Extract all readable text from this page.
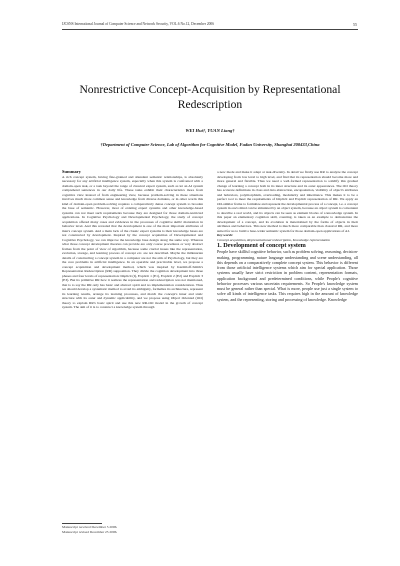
IJCSNS International Journal of Computer Science and Network Security, VOL.6 No.12, December 2006	55
Nonrestrictive Concept-Acquisition by Representational Redescription
WEI Hui†, YUAN Liang†
†Department of Computer Science, Lab of Algorithm for Cognitive Model, Fudan University, Shanghai 200433,China

Summary

A rich concept system, having fine-grained and abundant semantic relationships, is absolutely necessary for any artificial intelligence system, especially when this system is confronted with a domain-open task, or a task beyond the range of classical expert system, such as let an AI system comprehend sentences in our daily life. These tasks exhibit their characteristics more from cognitive view instead of from engineering view, because problem-solving in these situations involves much more common sense and knowledge from diverse domains, or in other words this kind of domain-open problem-solving requires a comparatively dense concept system to broaden the base of semantic. However, most of existing expert systems and other knowledge-based systems can not meet such requirements because they are designed for those domain-restricted applications. In Cognitive Psychology and Developmental Psychology, the study of concept acquisition offered many cases and evidences in the processes of cognitive skills' maturation in behavior level. And this revealed that the development is one of the most important attributes of man's concept system. And a main lack of the classic expert systems is their knowledge bases are not constructed by development. Inspired by the concept acquisition of Developmental and Cognitive Psychology, we can improve the knowledge base design along the same way. Whereas what those concept development theories can provide are only coarse procedures or very abstract frames from the point of view of algorithm, because some crucial issues like the representation, evolution, storage, and learning process of concept etc. are not described. Maybe the millenarian details of constructing a concept system in a computer are not the aim of Psychology, but they are the core problems in artificial intelligence. In an operable and practicable level, we propose a concept acquisition and development method, which was inspired by Karmiloff-Smith's Representation Redescription (RR) supposition. They divide the cognition development into three phases and four levels of representation: Implicit (I), Explicit 1 (E1), Explicit 2 (E2) and Explicit 3 (E3). But its primitive RR how it realizes the representation and redescription was not mentioned, that is to say the RR only has basic and abstract spirit and no implementation consideration. Thus we should develop a systematic method to avoid its ambiguity, formalize its architecture, represent its learning results, arrange its learning processes, and match the concept's inner and static structure with its outer and dynamic applicability, and we propose using Object Oriented (OO) theory to explain RR's basic spirit and use this new RR-OO model in the growth of concept system. The aim of it is to construct a knowledge system through

a new mode and make it adept at task-diversity. In detail we firstly use RR to analyze the concept developing from low level to high level, and find that its representation should become more and more general and flexible. Thus we need a well-formed representation to solidify this gradual change of learning a concept both in its inner structure and its outer appearances. The OO theory has accurate definitions in class and data abstraction, encapsulation, visibility of object's attributes and behaviors, polymorphism, overloading, modularity and inheritance. This makes it to be a perfect tool to meet the requirements of Implicit and Explicit representation of RR. We apply an OO-similar frame to formalize and represent the developmental process of a concept, i.e. a concept system in one's mind can be simulated by an object system, because an object system is convenient to describe a real world, and its objects can be seen as element blocks of a knowledge system. In this paper an elementary cognition skill, counting, is taken as an example to demonstrate the development of a concept, and its evolution is materialized by the forms of objects in their attributes and behaviors. This new method is much more comparable than classical RR, and more suited for us to build a base-wider semantic system for those domain-open applications of AI.

Key words:

Concept acquisition, Representational redescription, Knowledge representation

1. Development of concept system

People have skillful cognitive behavior, such as problem solving, reasoning, decision-making, programming, nature language understanding and scene understanding, all this depends on a comparatively complete concept system. This behavior is different from those artificial intelligence systems which aim for special application. Those systems usually have strict restriction in problem content, representation formats, application background and predetermined conditions, while People's cognitive behavior processes various uncertain requirements. So People's knowledge system must be general rather than special. What is more, people use just a single system to solve all kinds of intelligence tasks. This requires high in the amount of knowledge system, and the representing, storing and processing of knowledge. Knowledge

Manuscript received December 5 2006.
Manuscript revised December 25 2006.
